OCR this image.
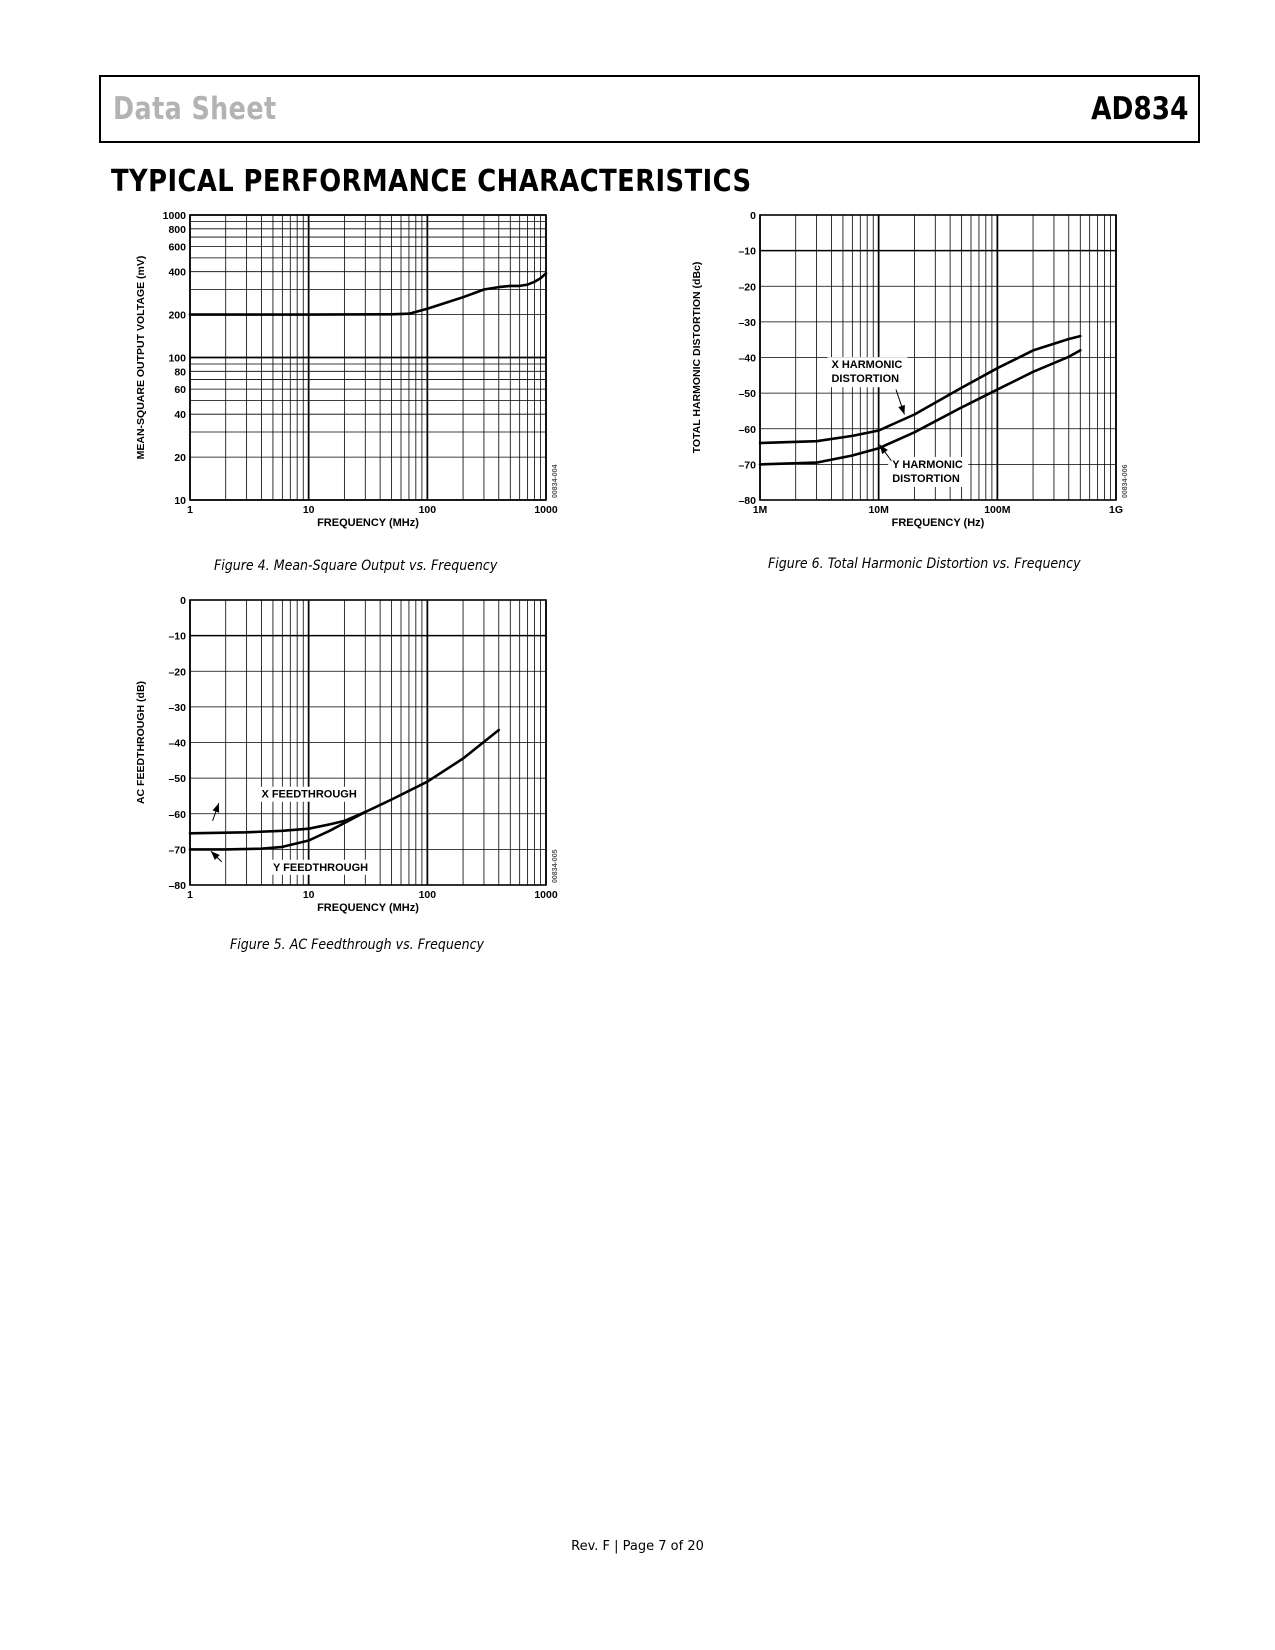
Data Sheet	AD834
TYPICAL PERFORMANCE CHARACTERISTICS
10
20
40
60
80
100
200
400
600
800
1000
1	10	100	1000
FREQUENCY (MHz)
MEAN-SQUARE OUTPUT VOLTAGE (mV)
00834-004
Figure 4. Mean-Square Output vs. Frequency
0
–10
–20
–30
–40
–50
–60
–70
–80
1	10	100	1000
FREQUENCY (MHz)
AC FEEDTHROUGH (dB)
00834-005
X FEEDTHROUGH
Y FEEDTHROUGH
Figure 5. AC Feedthrough vs. Frequency
0
–10
–20
–30
–40
–50
–60
–70
–80
1M	10M	100M	1G
FREQUENCY (Hz)
TOTAL HARMONIC DISTORTION (dBc)
00834-006
X HARMONIC
DISTORTION
Y HARMONIC
DISTORTION
Figure 6. Total Harmonic Distortion vs. Frequency
Rev. F | Page 7 of 20
